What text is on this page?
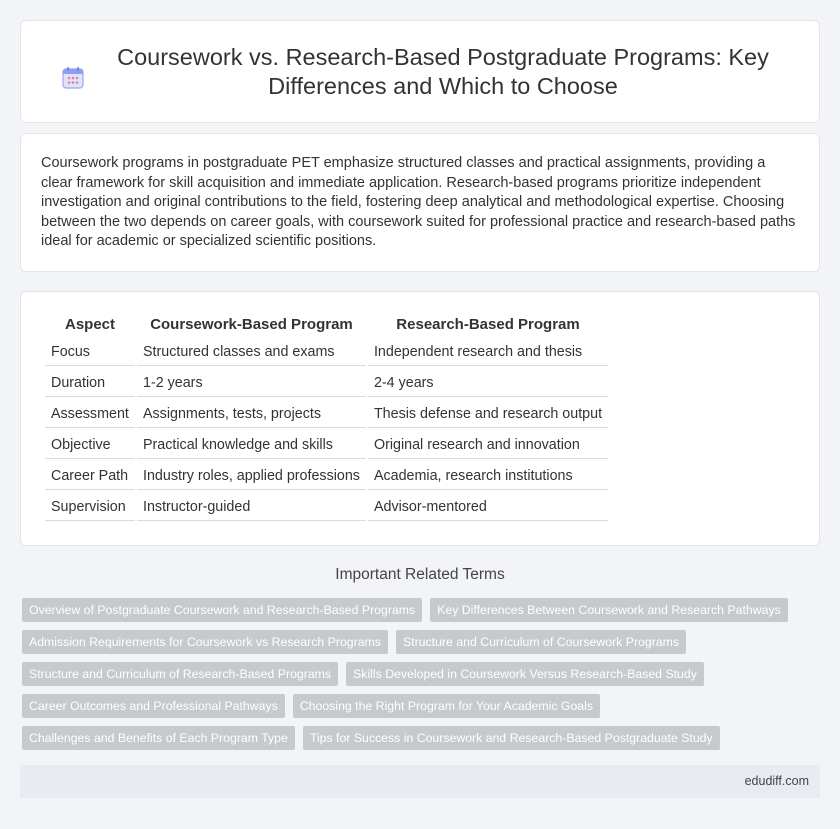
Coursework vs. Research-Based Postgraduate Programs: Key Differences and Which to Choose

Coursework programs in postgraduate PET emphasize structured classes and practical assignments, providing a clear framework for skill acquisition and immediate application. Research-based programs prioritize independent investigation and original contributions to the field, fostering deep analytical and methodological expertise. Choosing between the two depends on career goals, with coursework suited for professional practice and research-based paths ideal for academic or specialized scientific positions.

Aspect	Coursework-Based Program	Research-Based Program
Focus	Structured classes and exams	Independent research and thesis
Duration	1-2 years	2-4 years
Assessment	Assignments, tests, projects	Thesis defense and research output
Objective	Practical knowledge and skills	Original research and innovation
Career Path	Industry roles, applied professions	Academia, research institutions
Supervision	Instructor-guided	Advisor-mentored
Important Related Terms
Overview of Postgraduate Coursework and Research-Based Programs	Key Differences Between Coursework and Research Pathways
Admission Requirements for Coursework vs Research Programs	Structure and Curriculum of Coursework Programs
Structure and Curriculum of Research-Based Programs	Skills Developed in Coursework Versus Research-Based Study
Career Outcomes and Professional Pathways	Choosing the Right Program for Your Academic Goals
Challenges and Benefits of Each Program Type	Tips for Success in Coursework and Research-Based Postgraduate Study
edudiff.com
